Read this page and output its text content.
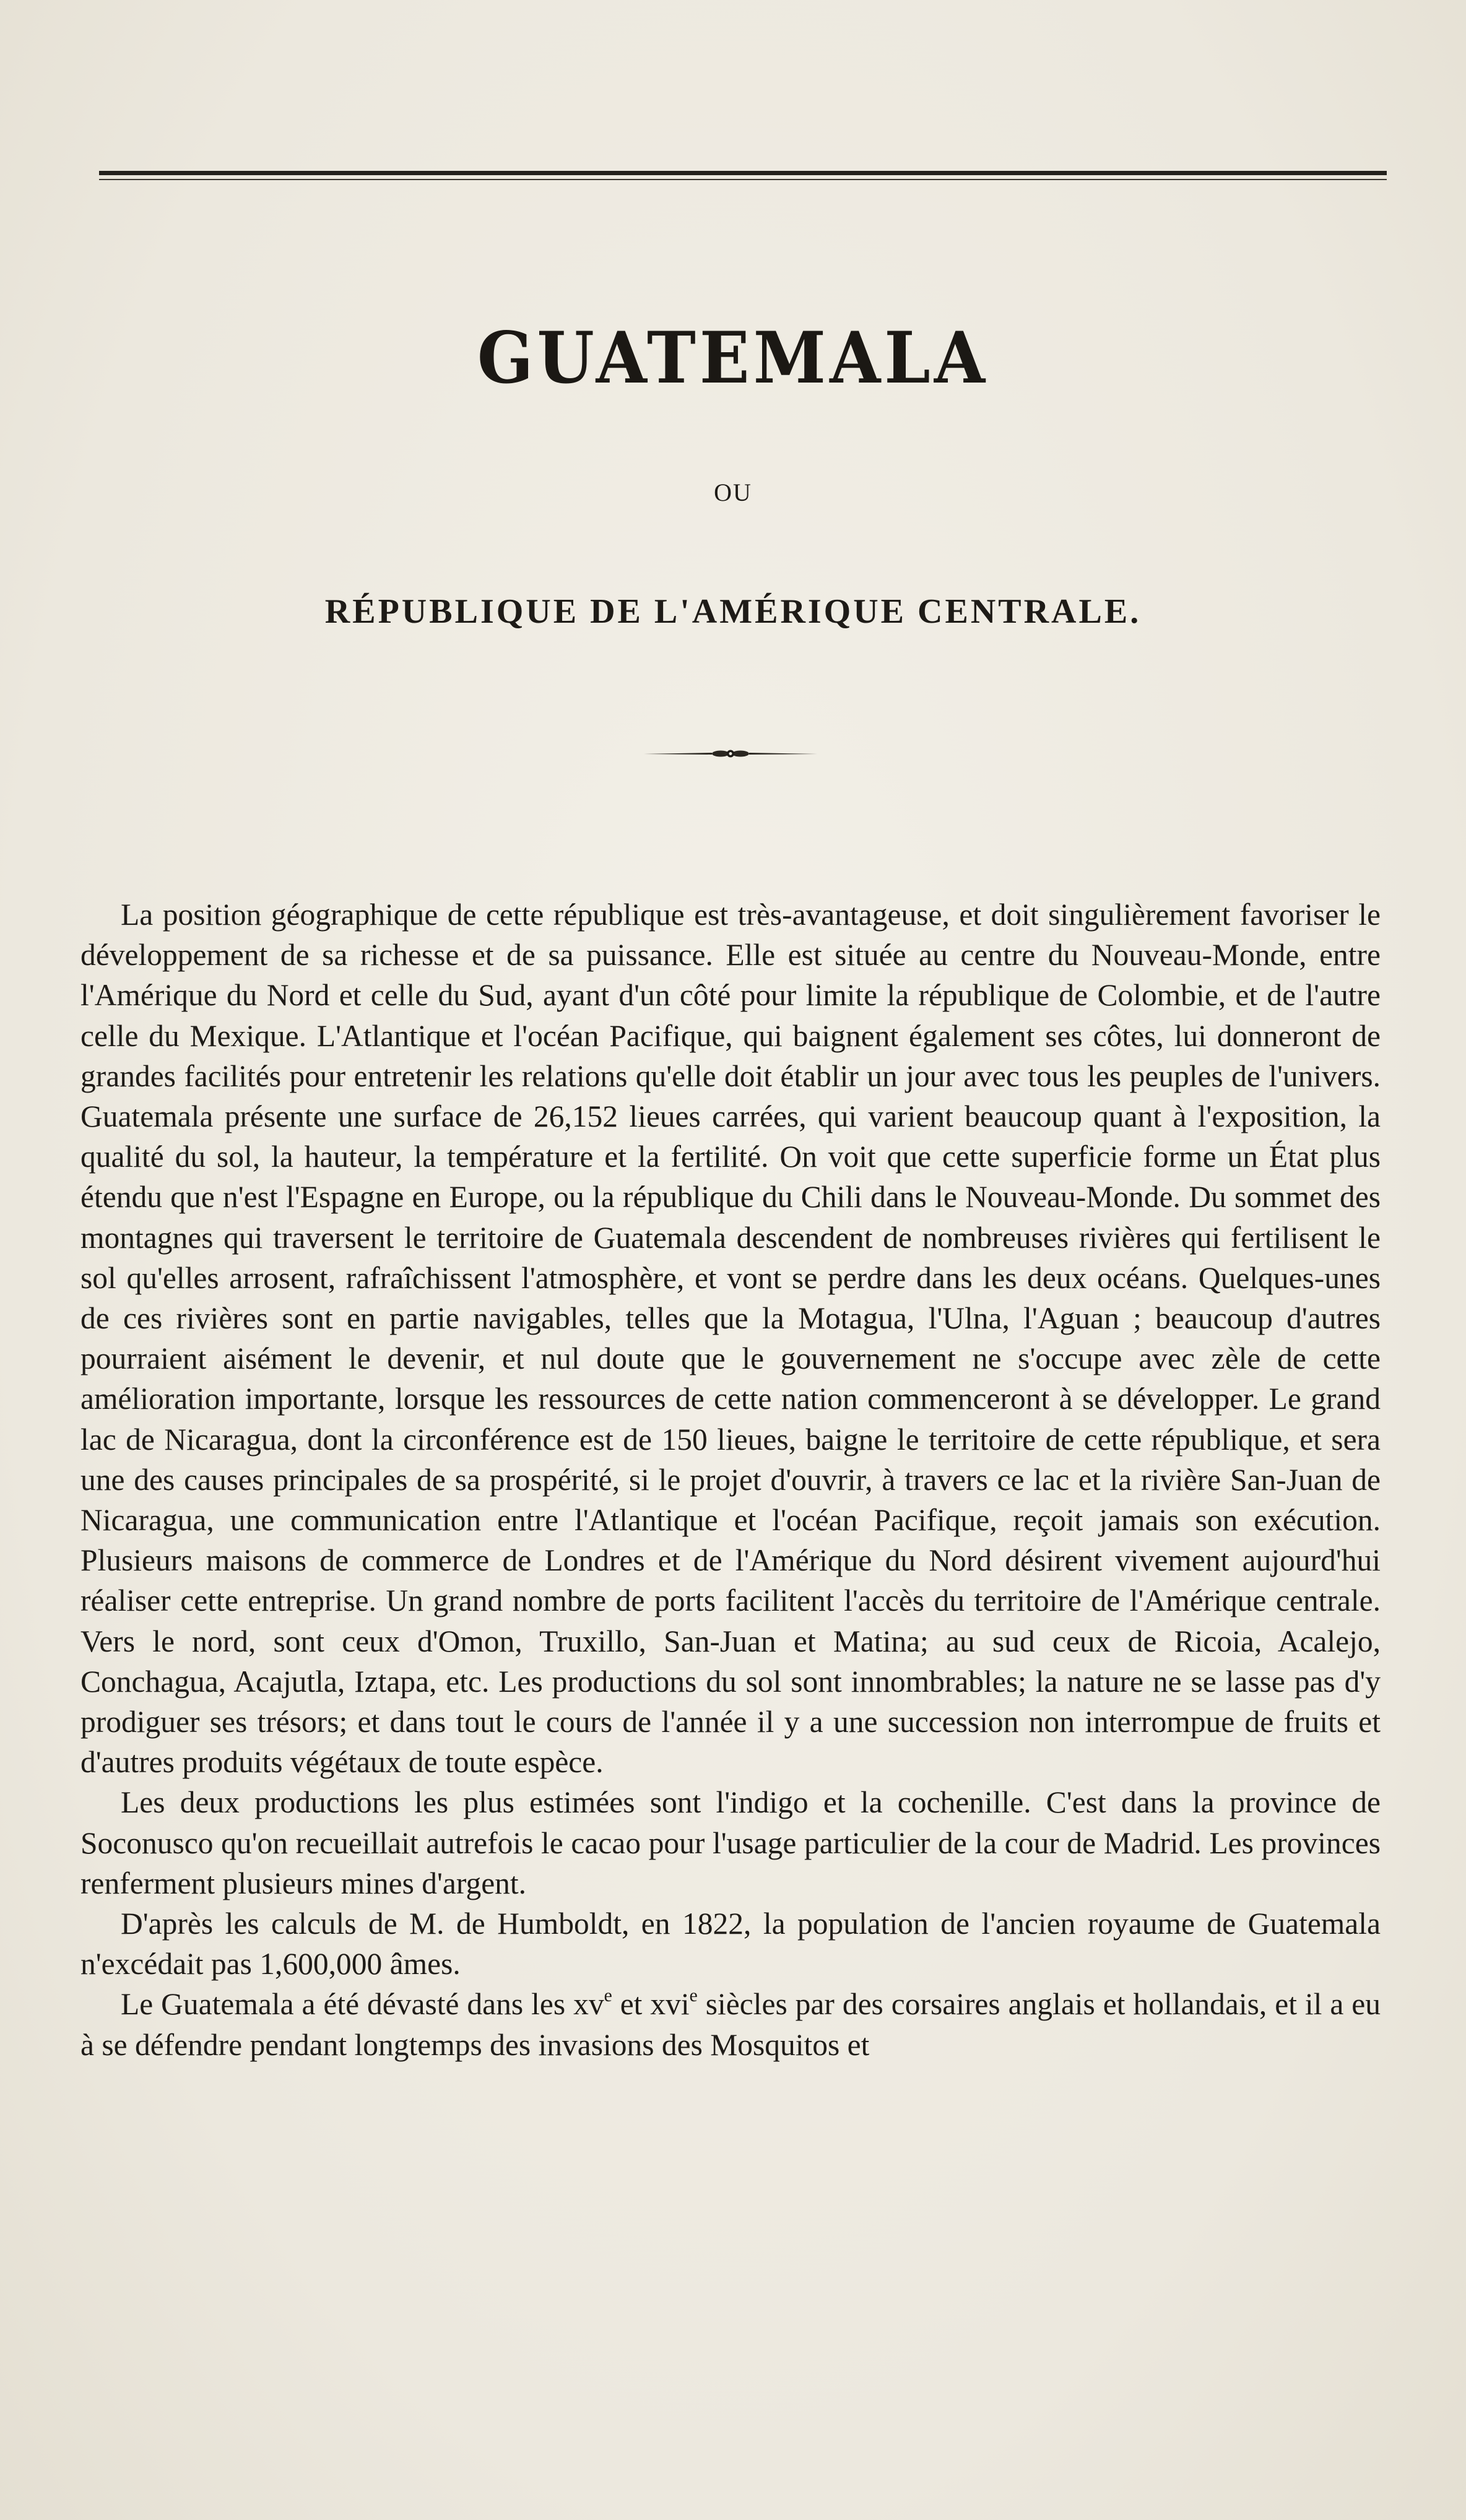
GUATEMALA
OU
RÉPUBLIQUE DE L'AMÉRIQUE CENTRALE.

La position géographique de cette république est très-avantageuse, et doit singulièrement favoriser le développement de sa richesse et de sa puissance. Elle est située au centre du Nouveau-Monde, entre l'Amérique du Nord et celle du Sud, ayant d'un côté pour limite la république de Colombie, et de l'autre celle du Mexique. L'Atlantique et l'océan Pacifique, qui baignent également ses côtes, lui donneront de grandes facilités pour entretenir les relations qu'elle doit établir un jour avec tous les peuples de l'univers. Guatemala présente une surface de 26,152 lieues carrées, qui varient beaucoup quant à l'exposition, la qualité du sol, la hauteur, la température et la fertilité. On voit que cette superficie forme un État plus étendu que n'est l'Espagne en Europe, ou la république du Chili dans le Nouveau-Monde. Du sommet des montagnes qui traversent le territoire de Guatemala descendent de nombreuses rivières qui fertilisent le sol qu'elles arrosent, rafraîchissent l'atmosphère, et vont se perdre dans les deux océans. Quelques-unes de ces rivières sont en partie navigables, telles que la Motagua, l'Ulna, l'Aguan ; beaucoup d'autres pourraient aisément le devenir, et nul doute que le gouvernement ne s'occupe avec zèle de cette amélioration importante, lorsque les ressources de cette nation commenceront à se développer. Le grand lac de Nicaragua, dont la circonférence est de 150 lieues, baigne le territoire de cette république, et sera une des causes principales de sa prospérité, si le projet d'ouvrir, à travers ce lac et la rivière San-Juan de Nicaragua, une communication entre l'Atlantique et l'océan Pacifique, reçoit jamais son exécution. Plusieurs maisons de commerce de Londres et de l'Amérique du Nord désirent vivement aujourd'hui réaliser cette entreprise. Un grand nombre de ports facilitent l'accès du territoire de l'Amérique centrale. Vers le nord, sont ceux d'Omon, Truxillo, San-Juan et Matina; au sud ceux de Ricoia, Acalejo, Conchagua, Acajutla, Iztapa, etc. Les productions du sol sont innombrables; la nature ne se lasse pas d'y prodiguer ses trésors; et dans tout le cours de l'année il y a une succession non interrompue de fruits et d'autres produits végétaux de toute espèce.

Les deux productions les plus estimées sont l'indigo et la cochenille. C'est dans la province de Soconusco qu'on recueillait autrefois le cacao pour l'usage particulier de la cour de Madrid. Les provinces renferment plusieurs mines d'argent.

D'après les calculs de M. de Humboldt, en 1822, la population de l'ancien royaume de Guatemala n'excédait pas 1,600,000 âmes.

Le Guatemala a été dévasté dans les $xv^e$ et xvi$^e$ siècles par des corsaires anglais et hollandais, et il a eu à se défendre pendant longtemps des invasions des Mosquitos et
